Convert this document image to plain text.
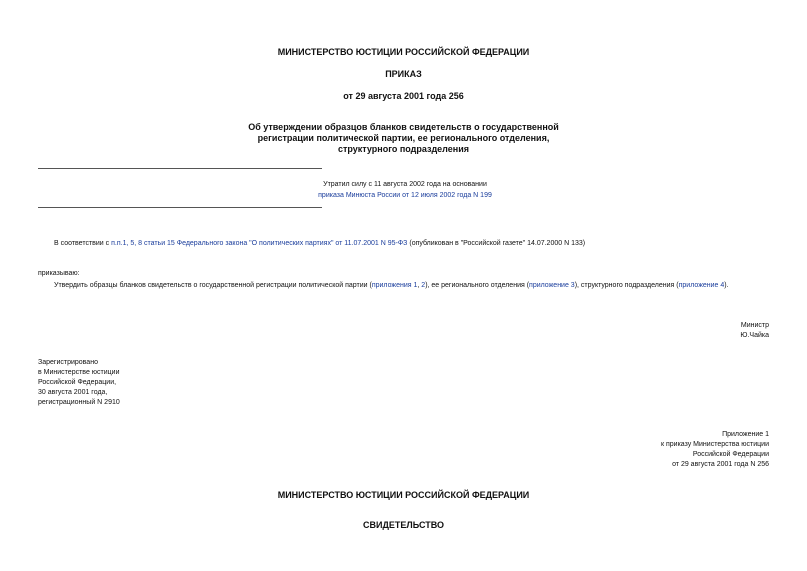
МИНИСТЕРСТВО ЮСТИЦИИ РОССИЙСКОЙ ФЕДЕРАЦИИ
ПРИКАЗ
от 29 августа 2001 года 256
Об утверждении образцов бланков свидетельств о государственной
регистрации политической партии, ее регионального отделения,
структурного подразделения
Утратил силу с 11 августа 2002 года на основании
приказа Минюста России от 12 июля 2002 года N 199
В соответствии с п.п.1, 5, 8 статьи 15 Федерального закона "О политических партиях" от 11.07.2001 N 95-ФЗ (опубликован в "Российской газете" 14.07.2000 N 133)
приказываю:
Утвердить образцы бланков свидетельств о государственной регистрации политической партии (приложения 1, 2), ее регионального отделения (приложение 3), структурного подразделения (приложение 4).
Министр
Ю.Чайка
Зарегистрировано
в Министерстве юстиции
Российской Федерации,
30 августа 2001 года,
регистрационный N 2910
Приложение 1
к приказу Министерства юстиции
Российской Федерации
от 29 августа 2001 года N 256
МИНИСТЕРСТВО ЮСТИЦИИ РОССИЙСКОЙ ФЕДЕРАЦИИ
СВИДЕТЕЛЬСТВО
